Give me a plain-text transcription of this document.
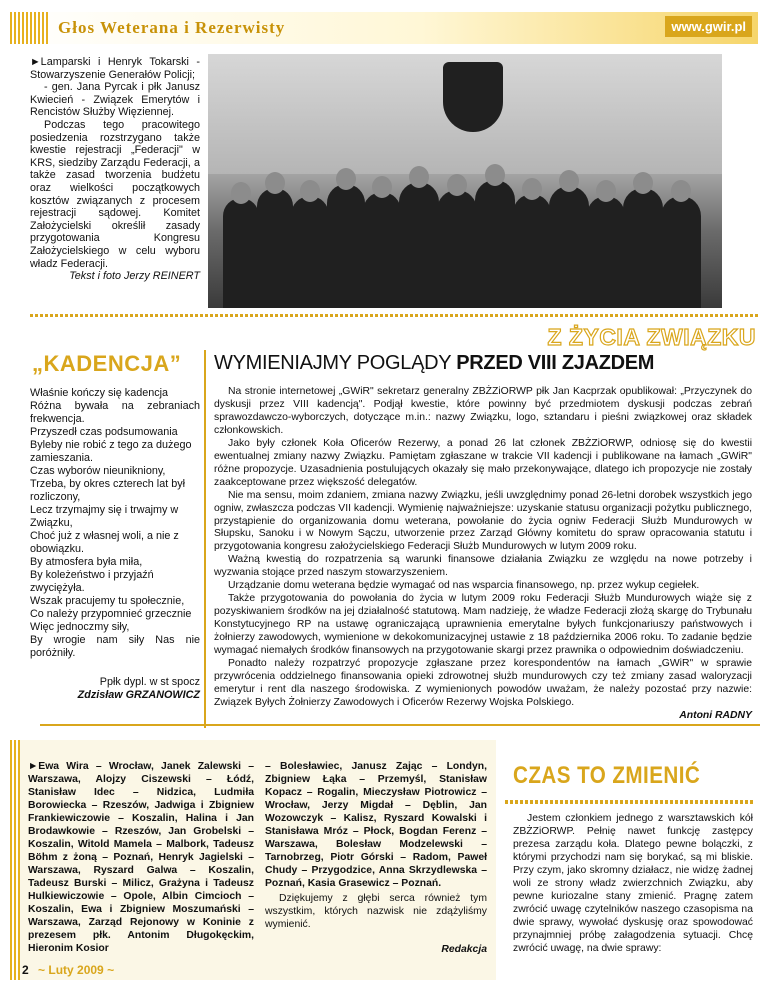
Głos Weterana i Rezerwisty	www.gwir.pl

►Lamparski i Henryk Tokarski - Stowarzyszenie Generałów Policji;

- gen. Jana Pyrcak i płk Janusz Kwiecień - Związek Emerytów i Rencistów Służby Więziennej.

Podczas tego pracowitego posiedzenia rozstrzygano także kwestie rejestracji „Federacji" w KRS, siedziby Zarządu Federacji, a także zasad tworzenia budżetu oraz wielkości początkowych kosztów związanych z procesem rejestracji sądowej. Komitet Założycielski określił zasady przygotowania Kongresu Założycielskiego w celu wyboru władz Federacji.

Tekst i foto Jerzy REINERT

Z ŻYCIA ZWIĄZKU
„KADENCJA”

Właśnie kończy się kadencja

Różna bywała na zebraniach frekwencja.

Przyszedł czas podsumowania

Byleby nie robić z tego za dużego zamieszania.

Czas wyborów nieunikniony,

Trzeba, by okres czterech lat był rozliczony,

Lecz trzymajmy się i trwajmy w Związku,

Choć już z własnej woli, a nie z obowiązku.

By atmosfera była miła,

By koleżeństwo i przyjaźń zwyciężyła.

Wszak pracujemy tu społecznie,

Co należy przypomnieć grzecznie

Więc jednoczmy siły,

By wrogie nam siły Nas nie poróżniły.

Ppłk dypl. w st spocz

Zdzisław GRZANOWICZ

WYMIENIAJMY POGLĄDY PRZED VIII ZJAZDEM

Na stronie internetowej „GWiR" sekretarz generalny ZBŻZiORWP płk Jan Kacprzak opublikował: „Przyczynek do dyskusji przez VIII kadencją". Podjął kwestie, które powinny być przedmiotem dyskusji podczas zebrań sprawozdawczo-wyborczych, dotyczące m.in.: nazwy Związku, logo, sztandaru i pieśni związkowej oraz składek członkowskich.

Jako były członek Koła Oficerów Rezerwy, a ponad 26 lat członek ZBŻZiORWP, odniosę się do kwestii ewentualnej zmiany nazwy Związku. Pamiętam zgłaszane w trakcie VII kadencji i publikowane na łamach „GWiR" różne propozycje. Uzasadnienia postulujących okazały się mało przekonywające, dlatego ich propozycje nie zostały zaakceptowane przez większość delegatów.

Nie ma sensu, moim zdaniem, zmiana nazwy Związku, jeśli uwzględnimy ponad 26-letni dorobek wszystkich jego ogniw, zwłaszcza podczas VII kadencji. Wymienię najważniejsze: uzyskanie statusu organizacji pożytku publicznego, przystąpienie do organizowania domu weterana, powołanie do życia ogniw Federacji Służb Mundurowych w Słupsku, Sanoku i w Nowym Sączu, utworzenie przez Zarząd Główny komitetu do spraw opracowania statutu i przygotowania kongresu założycielskiego Federacji Służb Mundurowych w lutym 2009 roku.

Ważną kwestią do rozpatrzenia są warunki finansowe działania Związku ze względu na nowe potrzeby i wyzwania stojące przed naszym stowarzyszeniem.

Urządzanie domu weterana będzie wymagać od nas wsparcia finansowego, np. przez wykup cegiełek.

Także przygotowania do powołania do życia w lutym 2009 roku Federacji Służb Mundurowych wiąże się z pozyskiwaniem środków na jej działalność statutową. Mam nadzieję, że władze Federacji złożą skargę do Trybunału Konstytucyjnego RP na ustawę ograniczającą uprawnienia emerytalne byłych funkcjonariuszy państwowych i żołnierzy zawodowych, wymienione w dekokomunizacyjnej ustawie z 18 października 2006 roku. To zadanie będzie wymagać niemałych środków finansowych na przygotowanie skargi przez prawnika o odpowiednim doświadczeniu.

Ponadto należy rozpatrzyć propozycje zgłaszane przez korespondentów na łamach „GWiR" w sprawie przywrócenia oddzielnego finansowania opieki zdrowotnej służb mundurowych czy też zmiany zasad waloryzacji emerytur i rent dla naszego środowiska. Z wymienionych powodów uważam, że należy pozostać przy nazwie: Związek Byłych Żołnierzy Zawodowych i Oficerów Rezerwy Wojska Polskiego.

Antoni RADNY

►Ewa Wira – Wrocław, Janek Zalewski – Warszawa, Alojzy Ciszewski – Łódź, Stanisław Idec – Nidzica, Ludmiła Borowiecka – Rzeszów, Jadwiga i Zbigniew Frankiewiczowie – Koszalin, Halina i Jan Brodawkowie – Rzeszów, Jan Grobelski – Koszalin, Witold Mamela – Malbork, Tadeusz Böhm z żoną – Poznań, Henryk Jagielski – Warszawa, Ryszard Galwa – Koszalin, Tadeusz Burski – Milicz, Grażyna i Tadeusz Hulkiewiczowie – Opole, Albin Cimcioch – Koszalin, Ewa i Zbigniew Moszumański – Warszawa, Zarząd Rejonowy w Koninie z prezesem płk. Antonim Długokęckim, Hieronim Kosior

– Bolesławiec, Janusz Zając – Londyn, Zbigniew Łąka – Przemyśl, Stanisław Kopacz – Rogalin, Mieczysław Piotrowicz – Wrocław, Jerzy Migdał – Dęblin, Jan Wozowczyk – Kalisz, Ryszard Kowalski i Stanisława Mróz – Płock, Bogdan Ferenz – Warszawa, Bolesław Modzelewski – Tarnobrzeg, Piotr Górski – Radom, Paweł Chudy – Przygodzice, Anna Skrzydlewska – Poznań, Kasia Grasewicz – Poznań.

Dziękujemy z głębi serca również tym wszystkim, których nazwisk nie zdążyliśmy wymienić.

Redakcja

CZAS TO ZMIENIĆ
Jestem członkiem jednego z warsztawskich kół ZBŻZiORWP. Pełnię nawet funkcję zastępcy prezesa zarządu koła. Dlatego pewne bolączki, z którymi przychodzi nam się borykać, są mi bliskie. Przy czym, jako skromny działacz, nie widzę żadnej woli ze strony władz zwierzchnich Związku, aby pewne kuriozalne stany zmienić. Pragnę zatem zwrócić uwagę czytelników naszego czasopisma na dwie sprawy, wywołać dyskusję oraz spowodować przynajmniej próbę załagodzenia sytuacji. Chcę zwrócić uwagę, na dwie sprawy:
2 ~ Luty 2009 ~
